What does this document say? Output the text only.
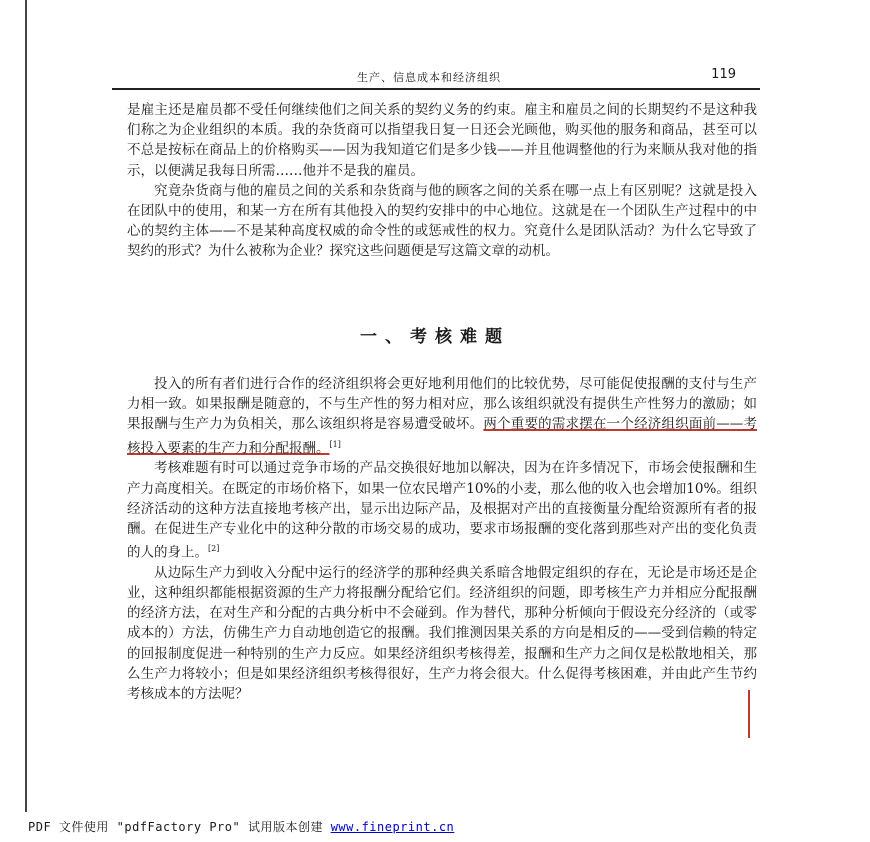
生产、信息成本和经济组织	119

是雇主还是雇员都不受任何继续他们之间关系的契约义务的约束。雇主和雇员之间的长期契约不是这种我们称之为企业组织的本质。我的杂货商可以指望我日复一日还会光顾他，购买他的服务和商品，甚至可以不总是按标在商品上的价格购买——因为我知道它们是多少钱——并且他调整他的行为来顺从我对他的指示，以便满足我每日所需……他并不是我的雇员。

究竟杂货商与他的雇员之间的关系和杂货商与他的顾客之间的关系在哪一点上有区别呢？这就是投入在团队中的使用，和某一方在所有其他投入的契约安排中的中心地位。这就是在一个团队生产过程中的中心的契约主体——不是某种高度权威的命令性的或惩戒性的权力。究竟什么是团队活动？为什么它导致了契约的形式？为什么被称为企业？探究这些问题便是写这篇文章的动机。

一、考核难题

投入的所有者们进行合作的经济组织将会更好地利用他们的比较优势，尽可能促使报酬的支付与生产力相一致。如果报酬是随意的，不与生产性的努力相对应，那么该组织就没有提供生产性努力的激励；如果报酬与生产力为负相关，那么该组织将是容易遭受破坏。两个重要的需求摆在一个经济组织面前——考核投入要素的生产力和分配报酬。[1]

考核难题有时可以通过竞争市场的产品交换很好地加以解决，因为在许多情况下，市场会使报酬和生产力高度相关。在既定的市场价格下，如果一位农民增产10%的小麦，那么他的收入也会增加10%。组织经济活动的这种方法直接地考核产出，显示出边际产品，及根据对产出的直接衡量分配给资源所有者的报酬。在促进生产专业化中的这种分散的市场交易的成功，要求市场报酬的变化落到那些对产出的变化负责的人的身上。[2]

从边际生产力到收入分配中运行的经济学的那种经典关系暗含地假定组织的存在，无论是市场还是企业，这种组织都能根据资源的生产力将报酬分配给它们。经济组织的问题，即考核生产力并相应分配报酬的经济方法，在对生产和分配的古典分析中不会碰到。作为替代，那种分析倾向于假设充分经济的（或零成本的）方法，仿佛生产力自动地创造它的报酬。我们推测因果关系的方向是相反的——受到信赖的特定的回报制度促进一种特别的生产力反应。如果经济组织考核得差，报酬和生产力之间仅是松散地相关，那么生产力将较小；但是如果经济组织考核得很好，生产力将会很大。什么促得考核困难，并由此产生节约考核成本的方法呢？

PDF 文件使用 "pdfFactory Pro" 试用版本创建 www.fineprint.cn
